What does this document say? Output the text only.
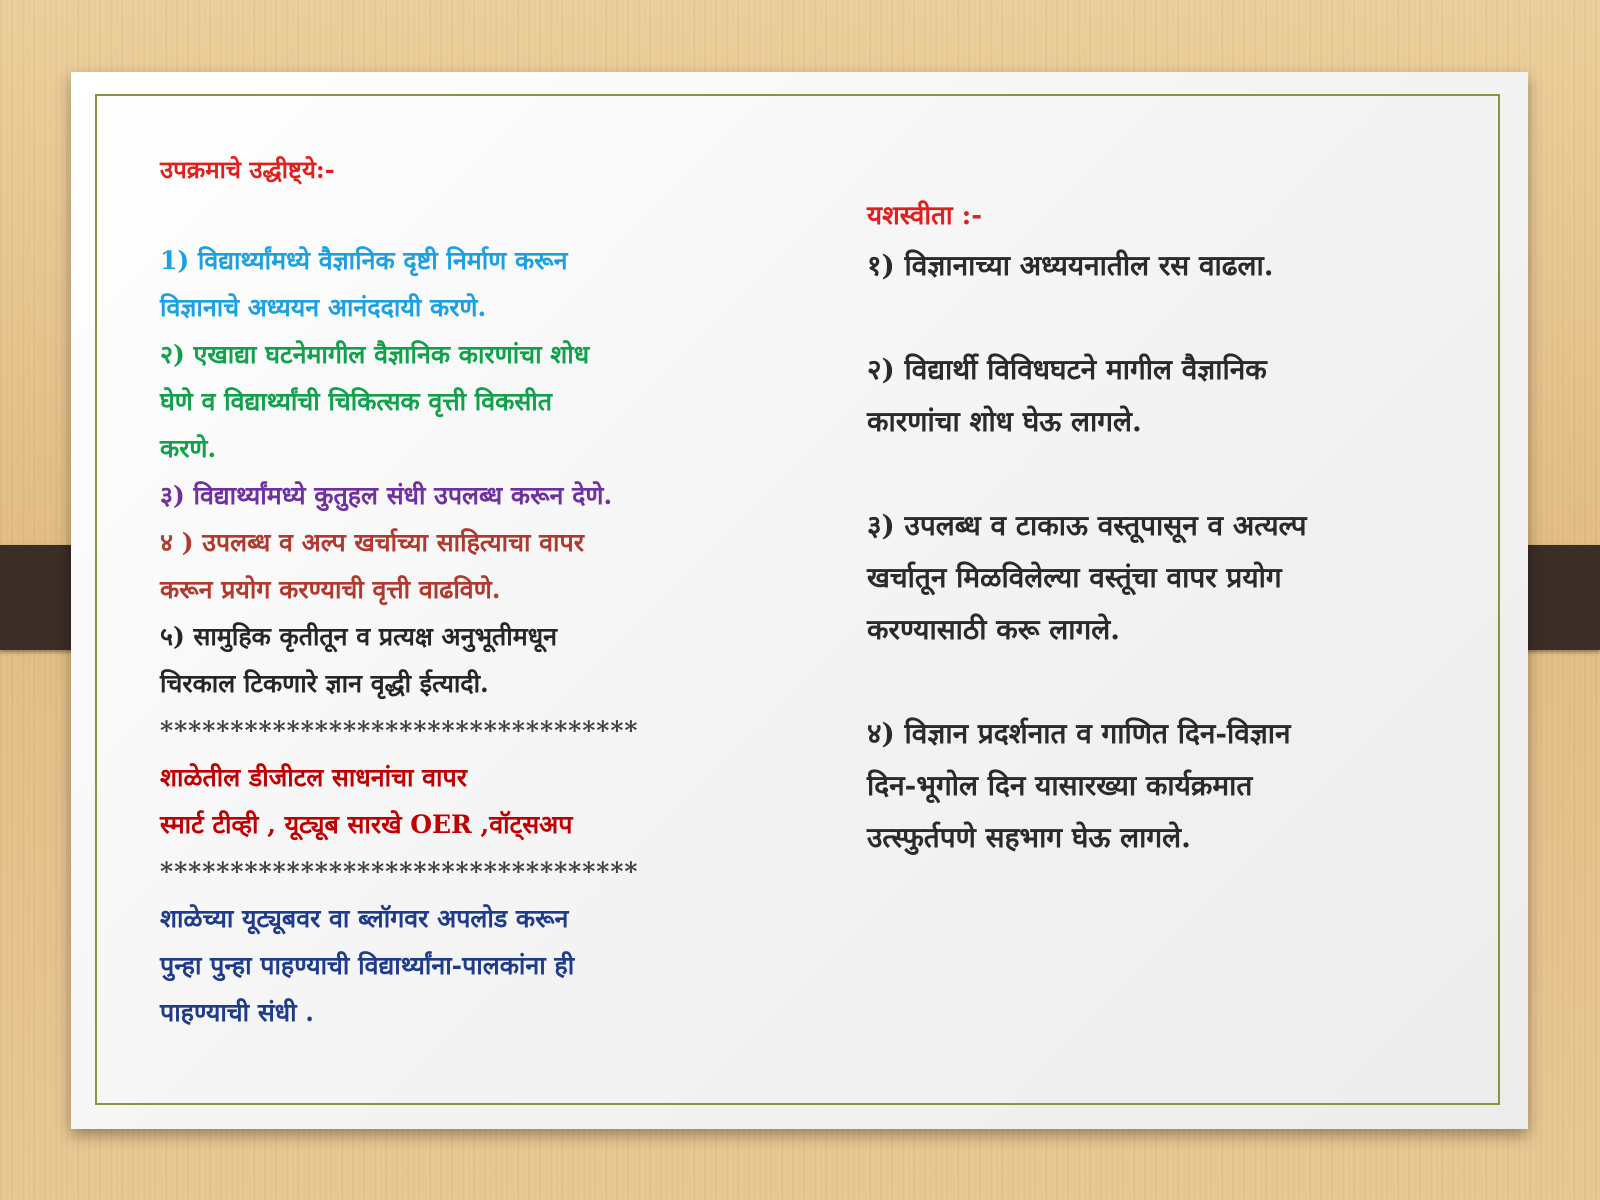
उपक्रमाचे उद्धीष्ट्ये:-
1) विद्यार्थ्यांमध्ये वैज्ञानिक दृष्टी निर्माण करून
विज्ञानाचे अध्ययन आनंददायी करणे.
२) एखाद्या घटनेमागील वैज्ञानिक कारणांचा शोध
घेणे व विद्यार्थ्यांची चिकित्सक वृत्ती विकसीत
करणे.
३) विद्यार्थ्यांमध्ये कुतुहल संधी उपलब्ध करून देणे.
४ ) उपलब्ध व अल्प खर्चाच्या साहित्याचा वापर
करून प्रयोग करण्याची वृत्ती वाढविणे.
५) सामुहिक कृतीतून व प्रत्यक्ष अनुभूतीमधून
चिरकाल टिकणारे ज्ञान वृद्धी ईत्यादी.
**********************************
शाळेतील डीजीटल साधनांचा वापर
स्मार्ट टीव्ही , यूट्यूब सारखे OER ,वॉट्सअप
**********************************
शाळेच्या यूट्यूबवर वा ब्लॉगवर अपलोड करून
पुन्हा पुन्हा पाहण्याची विद्यार्थ्यांना-पालकांना ही
पाहण्याची संधी .
यशस्वीता :-
१) विज्ञानाच्या अध्ययनातील रस वाढला.
२) विद्यार्थी विविधघटने मागील वैज्ञानिक
कारणांचा शोध घेऊ लागले.
३) उपलब्ध व टाकाऊ वस्तूपासून व अत्यल्प
खर्चातून मिळविलेल्या वस्तूंचा वापर प्रयोग
करण्यासाठी करू लागले.
४) विज्ञान प्रदर्शनात व गाणित दिन-विज्ञान
दिन-भूगोल दिन यासारख्या कार्यक्रमात
उत्स्फुर्तपणे सहभाग घेऊ लागले.
